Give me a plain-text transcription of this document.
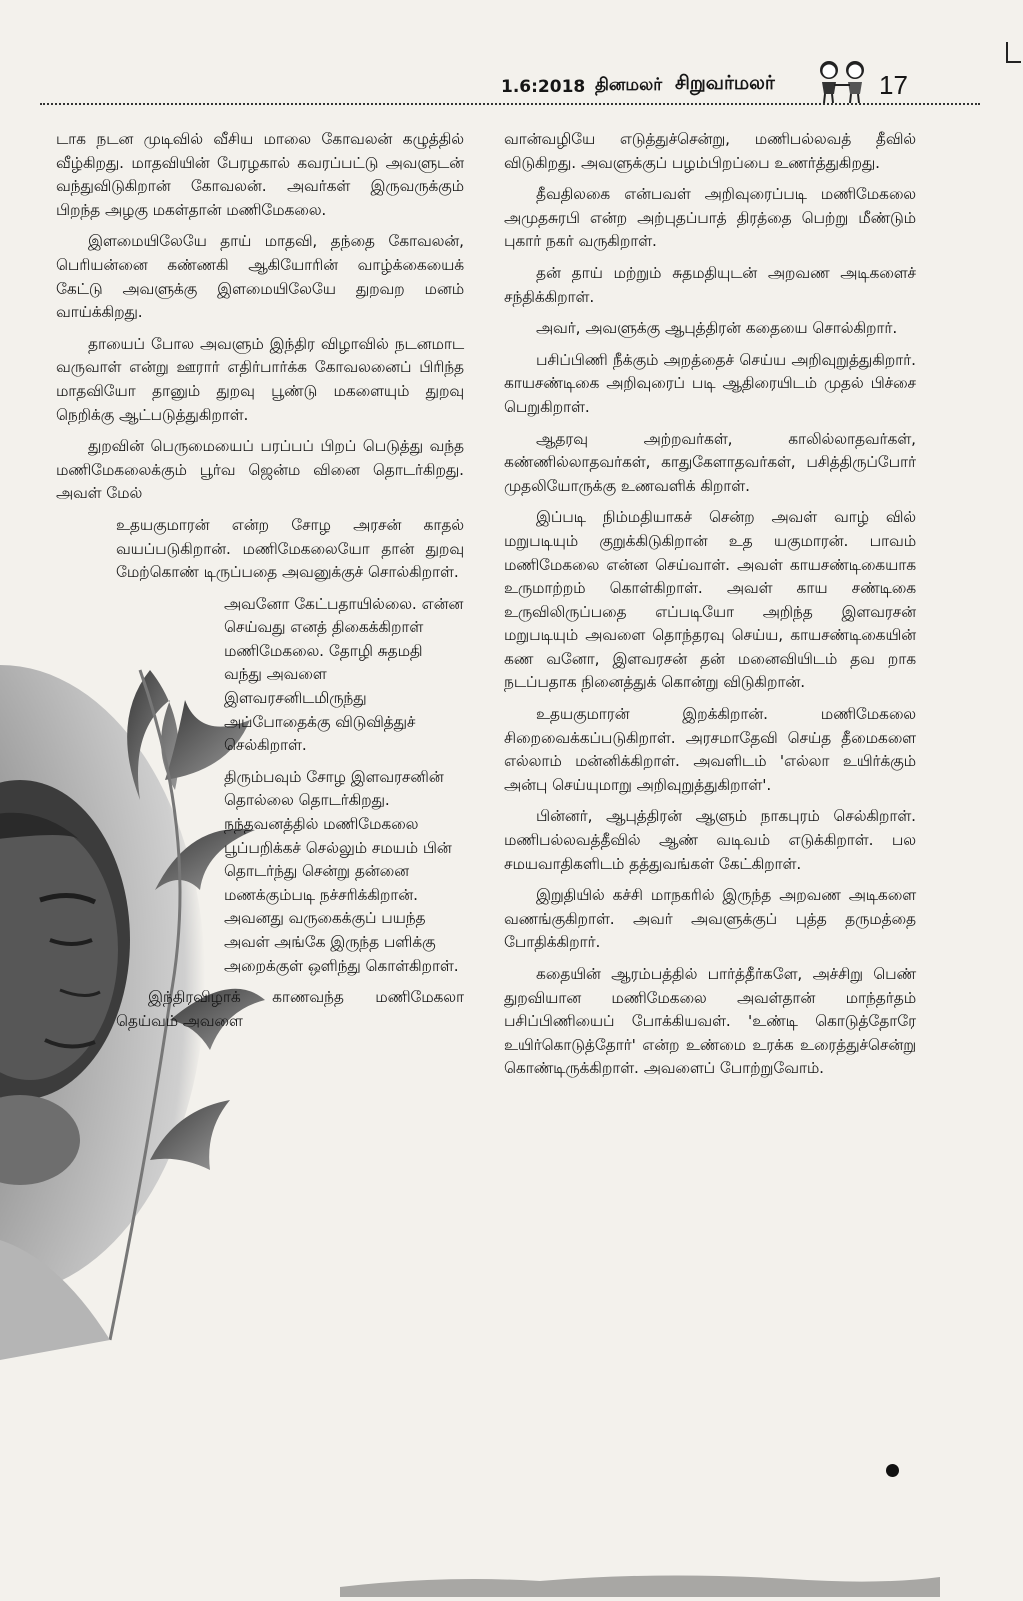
1.6:2018 தினமலர் சிறுவர்மலர்	17

டாக நடன முடிவில் வீசிய மாலை கோவலன் கழுத்தில் வீழ்கிறது. மாதவியின் பேரழகால் கவரப்பட்டு அவளுடன் வந்துவிடுகிறான் கோவலன். அவர்கள் இருவருக்கும் பிறந்த அழகு மகள்தான் மணிமேகலை.

இளமையிலேயே தாய் மாதவி, தந்தை கோவலன், பெரியன்னை கண்ணகி ஆகியோரின் வாழ்க்கையைக் கேட்டு அவளுக்கு இளமையிலேயே துறவற மனம் வாய்க்கிறது.

தாயைப் போல அவளும் இந்திர விழாவில் நடனமாட வருவாள் என்று ஊரார் எதிர்பார்க்க கோவலனைப் பிரிந்த மாதவியோ தானும் துறவு பூண்டு மகளையும் துறவு நெறிக்கு ஆட்படுத்துகிறாள்.

துறவின் பெருமையைப் பரப்பப் பிறப் பெடுத்து வந்த மணிமேகலைக்கும் பூர்வ ஜென்ம வினை தொடர்கிறது. அவள் மேல்

உதயகுமாரன் என்ற சோழ அரசன் காதல் வயப்படுகிறான். மணிமேகலையோ தான் துறவு மேற்கொண் டிருப்பதை அவனுக்குச் சொல்கிறாள்.

அவனோ கேட்பதாயில்லை. என்ன செய்வது எனத் திகைக்கிறாள் மணிமேகலை. தோழி சுதமதி வந்து அவளை இளவரசனிடமிருந்து அப்போதைக்கு விடுவித்துச் செல்கிறாள்.

திரும்பவும் சோழ இளவரசனின் தொல்லை தொடர்கிறது. நந்தவனத்தில் மணிமேகலை பூப்பறிக்கச் செல்லும் சமயம் பின் தொடர்ந்து சென்று தன்னை மணக்கும்படி நச்சரிக்கிறான். அவனது வருகைக்குப் பயந்த அவள் அங்கே இருந்த பளிக்கு அறைக்குள் ஒளிந்து கொள்கிறாள்.

இந்திரவிழாக் காணவந்த மணிமேகலா தெய்வம் அவளை

வான்வழியே எடுத்துச்சென்று, மணிபல்லவத் தீவில் விடுகிறது. அவளுக்குப் பழம்பிறப்பை உணர்த்துகிறது.

தீவதிலகை என்பவள் அறிவுரைப்படி மணிமேகலை அமுதசுரபி என்ற அற்புதப்பாத் திரத்தை பெற்று மீண்டும் புகார் நகர் வருகிறாள்.

தன் தாய் மற்றும் சுதமதியுடன் அறவண அடிகளைச் சந்திக்கிறாள்.

அவர், அவளுக்கு ஆபுத்திரன் கதையை சொல்கிறார்.

பசிப்பிணி நீக்கும் அறத்தைச் செய்ய அறிவுறுத்துகிறார். காயசண்டிகை அறிவுரைப் படி ஆதிரையிடம் முதல் பிச்சை பெறுகிறாள்.

ஆதரவு அற்றவர்கள், காலில்லாதவர்கள், கண்ணில்லாதவர்கள், காதுகேளாதவர்கள், பசித்திருப்போர் முதலியோருக்கு உணவளிக் கிறாள்.

இப்படி நிம்மதியாகச் சென்ற அவள் வாழ் வில் மறுபடியும் குறுக்கிடுகிறான் உத யகுமாரன். பாவம் மணிமேகலை என்ன செய்வாள். அவள் காயசண்டிகையாக உருமாற்றம் கொள்கிறாள். அவள் காய சண்டிகை உருவிலிருப்பதை எப்படியோ அறிந்த இளவரசன் மறுபடியும் அவளை தொந்தரவு செய்ய, காயசண்டிகையின் கண வனோ, இளவரசன் தன் மனைவியிடம் தவ றாக நடப்பதாக நினைத்துக் கொன்று விடுகிறான்.

உதயகுமாரன் இறக்கிறான். மணிமேகலை சிறைவைக்கப்படுகிறாள். அரசமாதேவி செய்த தீமைகளை எல்லாம் மன்னிக்கிறாள். அவளிடம் 'எல்லா உயிர்க்கும் அன்பு செய்யுமாறு அறிவுறுத்துகிறாள்'.

பின்னர், ஆபுத்திரன் ஆளும் நாகபுரம் செல்கிறாள். மணிபல்லவத்தீவில் ஆண் வடிவம் எடுக்கிறாள். பல சமயவாதிகளிடம் தத்துவங்கள் கேட்கிறாள்.

இறுதியில் கச்சி மாநகரில் இருந்த அறவண அடிகளை வணங்குகிறாள். அவர் அவளுக்குப் புத்த தருமத்தை போதிக்கிறார்.

கதையின் ஆரம்பத்தில் பார்த்தீர்களே, அச்சிறு பெண் துறவியான மணிமேகலை அவள்தான் மாந்தர்தம் பசிப்பிணியைப் போக்கியவள். 'உண்டி கொடுத்தோரே உயிர்கொடுத்தோர்' என்ற உண்மை உரக்க உரைத்துச்சென்று கொண்டிருக்கிறாள். அவளைப் போற்றுவோம்.
